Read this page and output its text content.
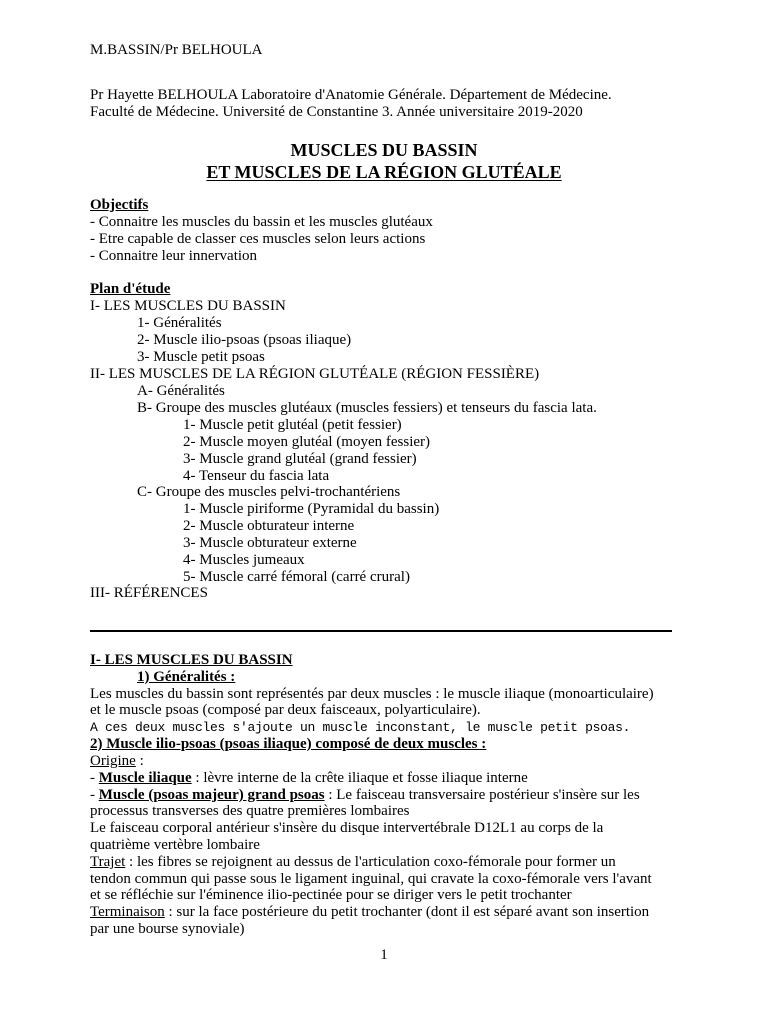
M.BASSIN/Pr BELHOULA
Pr Hayette BELHOULA Laboratoire d'Anatomie Générale. Département de Médecine.
Faculté de Médecine. Université de Constantine 3. Année universitaire 2019-2020
MUSCLES DU BASSIN
ET MUSCLES DE LA RÉGION GLUTÉALE
Objectifs
- Connaitre les muscles du bassin et les muscles glutéaux
- Etre capable de classer ces muscles selon leurs actions
- Connaitre leur innervation
Plan d'étude
I- LES MUSCLES DU BASSIN
1- Généralités
2- Muscle ilio-psoas (psoas iliaque)
3- Muscle petit psoas
II- LES MUSCLES DE LA RÉGION GLUTÉALE (RÉGION FESSIÈRE)
A- Généralités
B- Groupe des muscles glutéaux (muscles fessiers) et tenseurs du fascia lata.
1- Muscle petit glutéal (petit fessier)
2- Muscle moyen glutéal (moyen fessier)
3- Muscle grand glutéal (grand fessier)
4- Tenseur du fascia lata
C- Groupe des muscles pelvi-trochantériens
1- Muscle piriforme (Pyramidal du bassin)
2- Muscle obturateur interne
3- Muscle obturateur externe
4- Muscles jumeaux
5- Muscle carré fémoral (carré crural)
III- RÉFÉRENCES
I- LES MUSCLES DU BASSIN
1) Généralités :
Les muscles du bassin sont représentés par deux muscles : le muscle iliaque (monoarticulaire)
et le muscle psoas (composé par deux faisceaux, polyarticulaire).
A ces deux muscles s'ajoute un muscle inconstant, le muscle petit psoas.
2) Muscle ilio-psoas (psoas iliaque) composé de deux muscles :
Origine :
- Muscle iliaque : lèvre interne de la crête iliaque et fosse iliaque interne
- Muscle (psoas majeur) grand psoas : Le faisceau transversaire postérieur s'insère sur les
processus transverses des quatre premières lombaires
Le faisceau corporal antérieur s'insère du disque intervertébrale D12L1 au corps de la
quatrième vertèbre lombaire
Trajet : les fibres se rejoignent au dessus de l'articulation coxo-fémorale pour former un
tendon commun qui passe sous le ligament inguinal, qui cravate la coxo-fémorale vers l'avant
et se réfléchie sur l'éminence ilio-pectinée pour se diriger vers le petit trochanter
Terminaison : sur la face postérieure du petit trochanter (dont il est séparé avant son insertion
par une bourse synoviale)
1
